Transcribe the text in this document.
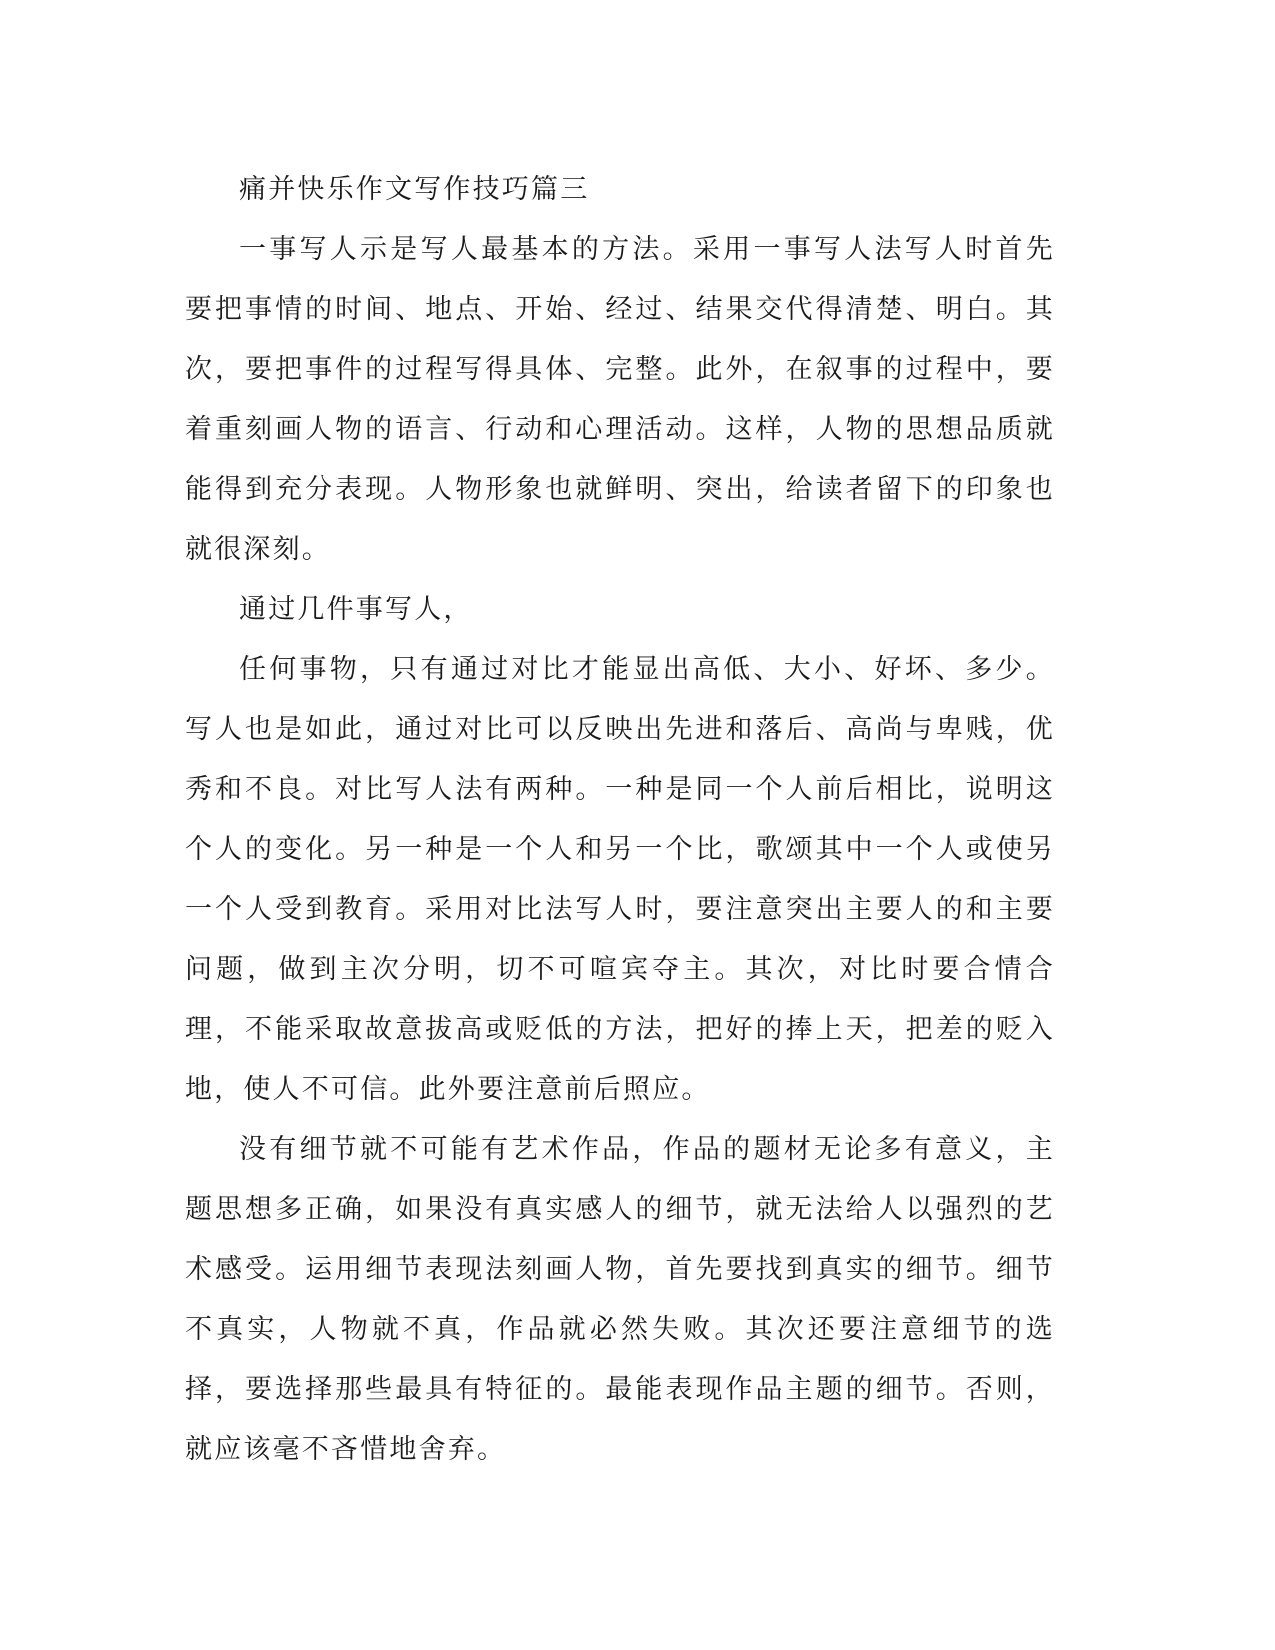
痛并快乐作文写作技巧篇三

一事写人示是写人最基本的方法。采用一事写人法写人时首先要把事情的时间、地点、开始、经过、结果交代得清楚、明白。其次，要把事件的过程写得具体、完整。此外，在叙事的过程中，要着重刻画人物的语言、行动和心理活动。这样，人物的思想品质就能得到充分表现。人物形象也就鲜明、突出，给读者留下的印象也就很深刻。

通过几件事写人，

任何事物，只有通过对比才能显出高低、大小、好坏、多少。写人也是如此，通过对比可以反映出先进和落后、高尚与卑贱，优秀和不良。对比写人法有两种。一种是同一个人前后相比，说明这个人的变化。另一种是一个人和另一个比，歌颂其中一个人或使另一个人受到教育。采用对比法写人时，要注意突出主要人的和主要问题，做到主次分明，切不可喧宾夺主。其次，对比时要合情合理，不能采取故意拔高或贬低的方法，把好的捧上天，把差的贬入地，使人不可信。此外要注意前后照应。

没有细节就不可能有艺术作品，作品的题材无论多有意义，主题思想多正确，如果没有真实感人的细节，就无法给人以强烈的艺术感受。运用细节表现法刻画人物，首先要找到真实的细节。细节不真实，人物就不真，作品就必然失败。其次还要注意细节的选择，要选择那些最具有特征的。最能表现作品主题的细节。否则，就应该毫不吝惜地舍弃。
